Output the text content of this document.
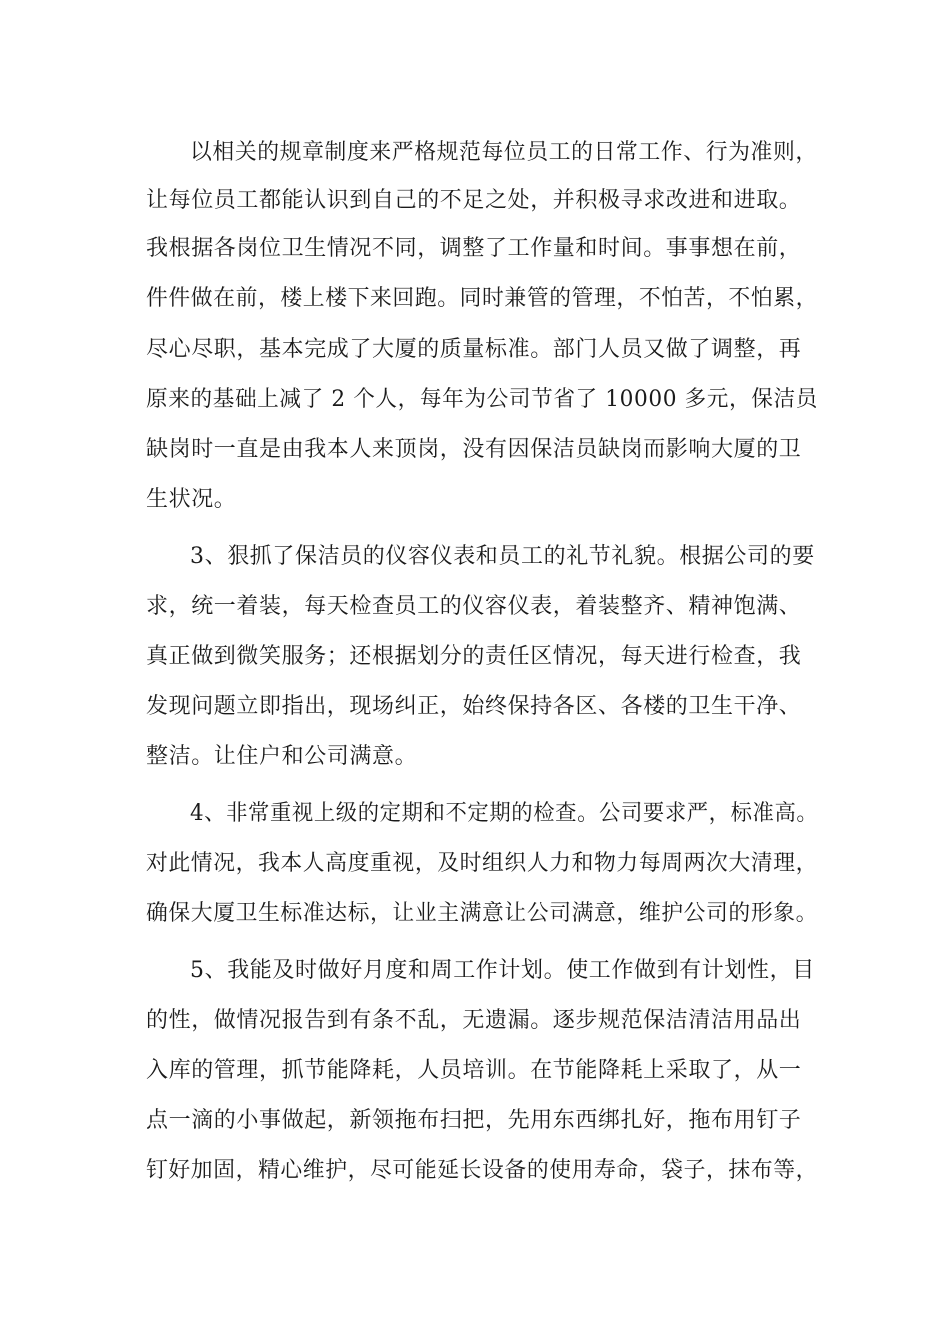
以相关的规章制度来严格规范每位员工的日常工作、行为准则，
让每位员工都能认识到自己的不足之处，并积极寻求改进和进取。
我根据各岗位卫生情况不同，调整了工作量和时间。事事想在前，
件件做在前，楼上楼下来回跑。同时兼管的管理，不怕苦，不怕累，
尽心尽职，基本完成了大厦的质量标准。部门人员又做了调整，再
原来的基础上减了 2 个人，每年为公司节省了 10000 多元，保洁员
缺岗时一直是由我本人来顶岗，没有因保洁员缺岗而影响大厦的卫
生状况。
3、狠抓了保洁员的仪容仪表和员工的礼节礼貌。根据公司的要
求，统一着装，每天检查员工的仪容仪表，着装整齐、精神饱满、
真正做到微笑服务；还根据划分的责任区情况，每天进行检查，我
发现问题立即指出，现场纠正，始终保持各区、各楼的卫生干净、
整洁。让住户和公司满意。
4、非常重视上级的定期和不定期的检查。公司要求严，标准高。
对此情况，我本人高度重视，及时组织人力和物力每周两次大清理，
确保大厦卫生标准达标，让业主满意让公司满意，维护公司的形象。
5、我能及时做好月度和周工作计划。使工作做到有计划性，目
的性，做情况报告到有条不乱，无遗漏。逐步规范保洁清洁用品出
入库的管理，抓节能降耗，人员培训。在节能降耗上采取了，从一
点一滴的小事做起，新领拖布扫把，先用东西绑扎好，拖布用钉子
钉好加固，精心维护，尽可能延长设备的使用寿命，袋子，抹布等，
